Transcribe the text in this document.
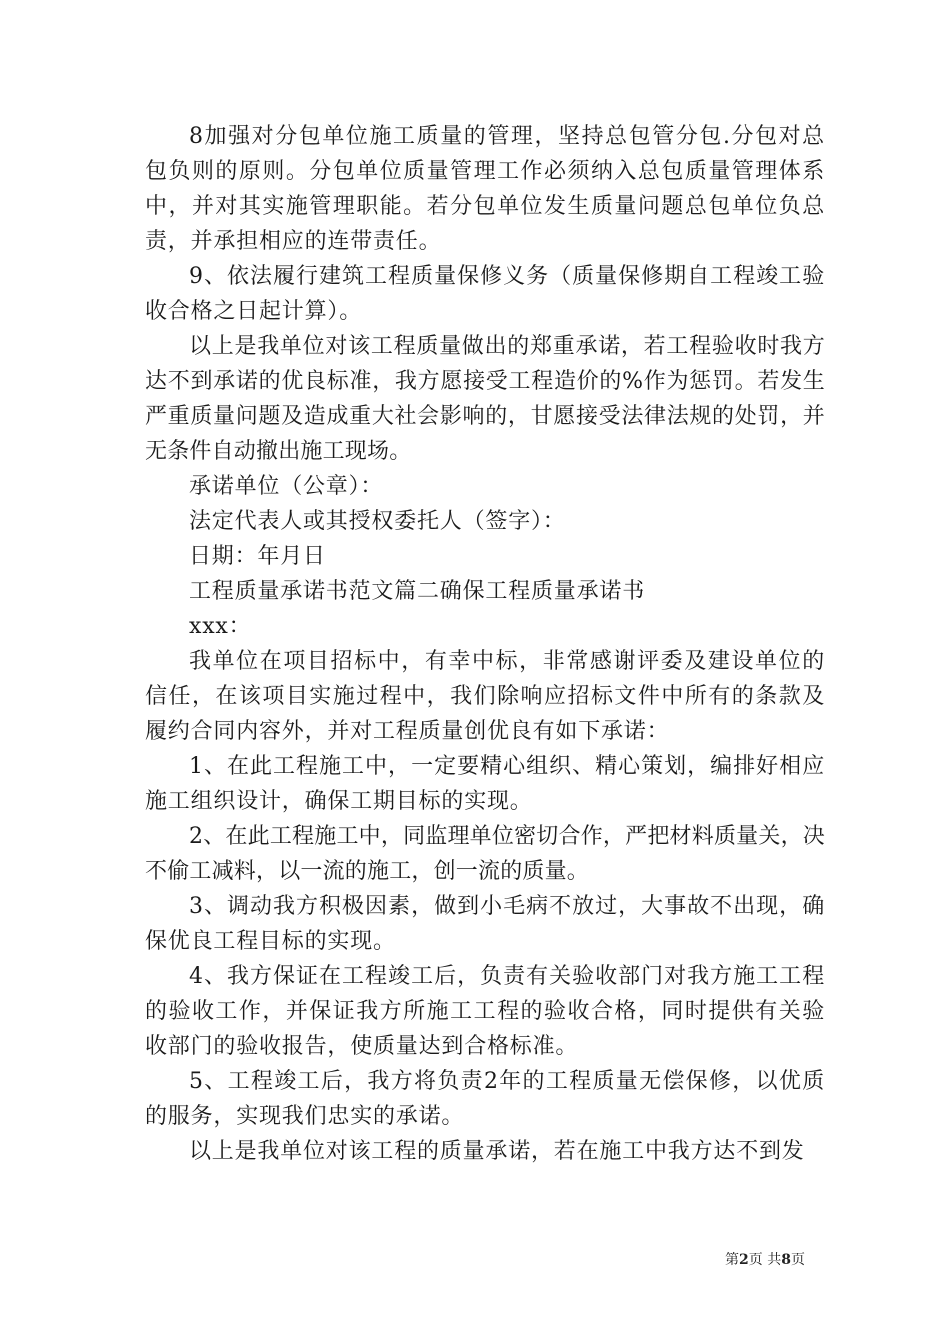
8加强对分包单位施工质量的管理，坚持总包管分包.分包对总包负则的原则。分包单位质量管理工作必须纳入总包质量管理体系中，并对其实施管理职能。若分包单位发生质量问题总包单位负总责，并承担相应的连带责任。

9、依法履行建筑工程质量保修义务（质量保修期自工程竣工验收合格之日起计算）。

以上是我单位对该工程质量做出的郑重承诺，若工程验收时我方达不到承诺的优良标准，我方愿接受工程造价的%作为惩罚。若发生严重质量问题及造成重大社会影响的，甘愿接受法律法规的处罚，并无条件自动撤出施工现场。

承诺单位（公章）：

法定代表人或其授权委托人（签字）：

日期：年月日

工程质量承诺书范文篇二确保工程质量承诺书

xxx：

我单位在项目招标中，有幸中标，非常感谢评委及建设单位的信任，在该项目实施过程中，我们除响应招标文件中所有的条款及履约合同内容外，并对工程质量创优良有如下承诺：

1、在此工程施工中，一定要精心组织、精心策划，编排好相应施工组织设计，确保工期目标的实现。

2、在此工程施工中，同监理单位密切合作，严把材料质量关，决不偷工减料，以一流的施工，创一流的质量。

3、调动我方积极因素，做到小毛病不放过，大事故不出现，确保优良工程目标的实现。

4、我方保证在工程竣工后，负责有关验收部门对我方施工工程的验收工作，并保证我方所施工工程的验收合格，同时提供有关验收部门的验收报告，使质量达到合格标准。

5、工程竣工后，我方将负责2年的工程质量无偿保修，以优质的服务，实现我们忠实的承诺。

以上是我单位对该工程的质量承诺，若在施工中我方达不到发

第2页 共8页
